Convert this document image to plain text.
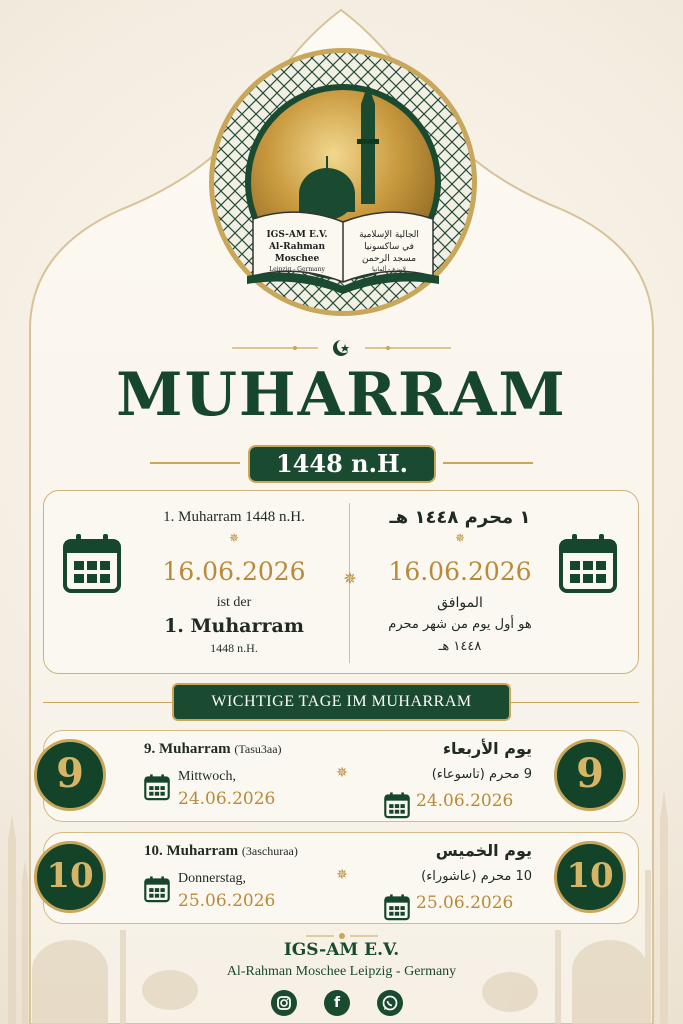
IGS-AM E.V.
Al-Rahman
Moschee
Leipzig - Germany
الجالية الإسلامية
في ساكسونيا
مسجد الرحمن
لايبزغ - ألمانيا
MUHARRAM
1448 n.H.
1. Muharram 1448 n.H.
✵
16.06.2026
ist der
1. Muharram
1448 n.H.
✵
١ محرم ١٤٤٨ هـ
✵
16.06.2026
الموافق
هو أول يوم من شهر محرم
١٤٤٨ هـ
WICHTIGE TAGE IM MUHARRAM
9
9. Muharram (Tasu3aa)
Mittwoch,
24.06.2026
✵
يوم الأربعاء
9 محرم (تاسوعاء)
24.06.2026
9
10
10. Muharram (3aschuraa)
Donnerstag,
25.06.2026
✵
يوم الخميس
10 محرم (عاشوراء)
25.06.2026
10
IGS-AM E.V.
Al-Rahman Moschee Leipzig - Germany
f
